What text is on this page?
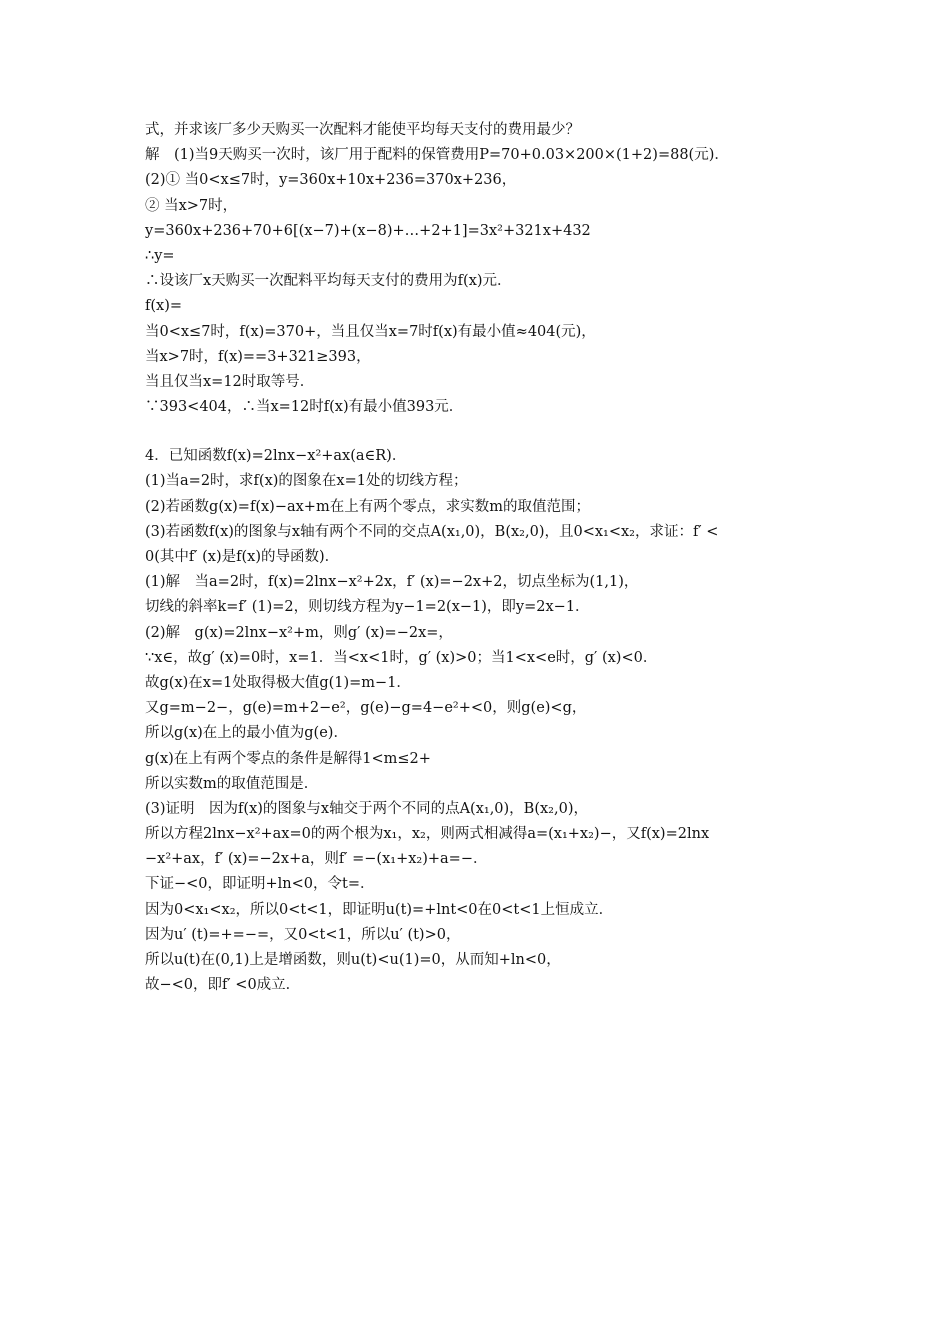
式，并求该厂多少天购买一次配料才能使平均每天支付的费用最少？
解　(1)当9天购买一次时，该厂用于配料的保管费用P=70+0.03×200×(1+2)=88(元)．
(2)① 当0<x≤7时，y=360x+10x+236=370x+236，
② 当x>7时，
y=360x+236+70+6[(x−7)+(x−8)+…+2+1]=3x²+321x+432
∴y=
∴设该厂x天购买一次配料平均每天支付的费用为f(x)元．
f(x)=
当0<x≤7时，f(x)=370+，当且仅当x=7时f(x)有最小值≈404(元)，
当x>7时，f(x)==3+321≥393，
当且仅当x=12时取等号．
∵393<404，∴当x=12时f(x)有最小值393元．
4．已知函数f(x)=2lnx−x²+ax(a∈R)．
(1)当a=2时，求f(x)的图象在x=1处的切线方程；
(2)若函数g(x)=f(x)−ax+m在上有两个零点，求实数m的取值范围；
(3)若函数f(x)的图象与x轴有两个不同的交点A(x₁,0)，B(x₂,0)，且0<x₁<x₂，求证：f′ <
0(其中f′ (x)是f(x)的导函数)．
(1)解　当a=2时，f(x)=2lnx−x²+2x，f′ (x)=−2x+2，切点坐标为(1,1)，
切线的斜率k=f′ (1)=2，则切线方程为y−1=2(x−1)，即y=2x−1．
(2)解　g(x)=2lnx−x²+m，则g′ (x)=−2x=，
∵x∈，故g′ (x)=0时，x=1．当<x<1时，g′ (x)>0；当1<x<e时，g′ (x)<0．
故g(x)在x=1处取得极大值g(1)=m−1．
又g=m−2−，g(e)=m+2−e²，g(e)−g=4−e²+<0，则g(e)<g，
所以g(x)在上的最小值为g(e)．
g(x)在上有两个零点的条件是解得1<m≤2+
所以实数m的取值范围是．
(3)证明　因为f(x)的图象与x轴交于两个不同的点A(x₁,0)，B(x₂,0)，
所以方程2lnx−x²+ax=0的两个根为x₁，x₂，则两式相减得a=(x₁+x₂)−，又f(x)=2lnx
−x²+ax，f′ (x)=−2x+a，则f′ =−(x₁+x₂)+a=−．
下证−<0，即证明+ln<0，令t=．
因为0<x₁<x₂，所以0<t<1，即证明u(t)=+lnt<0在0<t<1上恒成立．
因为u′ (t)=+=−=，又0<t<1，所以u′ (t)>0，
所以u(t)在(0,1)上是增函数，则u(t)<u(1)=0，从而知+ln<0，
故−<0，即f′ <0成立．
